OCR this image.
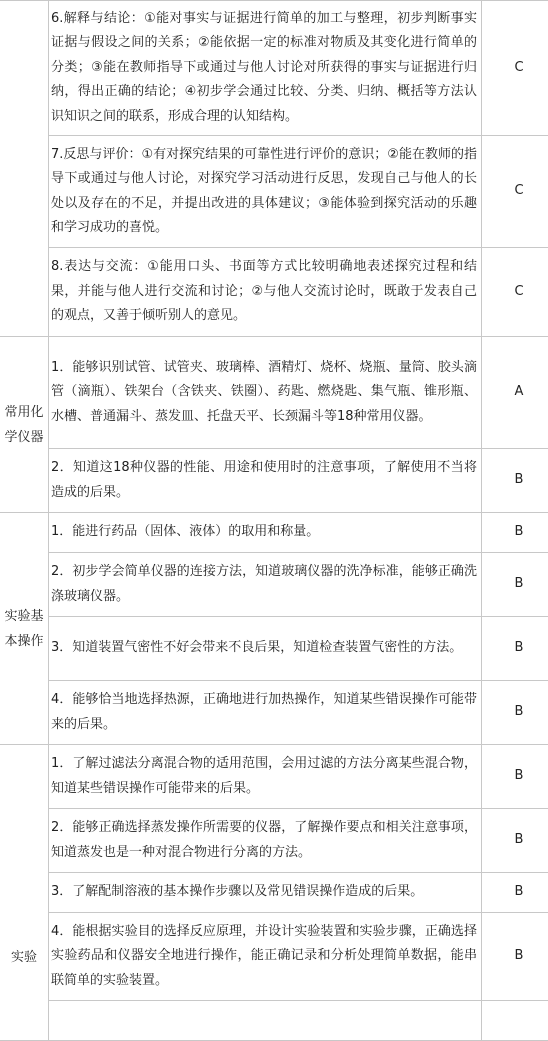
	6.解释与结论：①能对事实与证据进行简单的加工与整理，初步判断事实证据与假设之间的关系；②能依据一定的标准对物质及其变化进行简单的分类；③能在教师指导下或通过与他人讨论对所获得的事实与证据进行归纳，得出正确的结论；④初步学会通过比较、分类、归纳、概括等方法认识知识之间的联系，形成合理的认知结构。	C
	7.反思与评价：①有对探究结果的可靠性进行评价的意识；②能在教师的指导下或通过与他人讨论，对探究学习活动进行反思，发现自己与他人的长处以及存在的不足，并提出改进的具体建议；③能体验到探究活动的乐趣和学习成功的喜悦。	C
	8.表达与交流：①能用口头、书面等方式比较明确地表述探究过程和结果，并能与他人进行交流和讨论；②与他人交流讨论时，既敢于发表自己的观点，又善于倾听别人的意见。	C
常用化学仪器	1．能够识别试管、试管夹、玻璃棒、酒精灯、烧杯、烧瓶、量筒、胶头滴管（滴瓶）、铁架台（含铁夹、铁圈）、药匙、燃烧匙、集气瓶、锥形瓶、水槽、普通漏斗、蒸发皿、托盘天平、长颈漏斗等18种常用仪器。	A
	2．知道这18种仪器的性能、用途和使用时的注意事项，了解使用不当将造成的后果。	B
实验基本操作	1．能进行药品（固体、液体）的取用和称量。	B
	2．初步学会简单仪器的连接方法，知道玻璃仪器的洗净标准，能够正确洗涤玻璃仪器。	B
	3．知道装置气密性不好会带来不良后果，知道检查装置气密性的方法。	B
	4．能够恰当地选择热源，正确地进行加热操作，知道某些错误操作可能带来的后果。	B
实验	1．了解过滤法分离混合物的适用范围，会用过滤的方法分离某些混合物，知道某些错误操作可能带来的后果。	B
	2．能够正确选择蒸发操作所需要的仪器，了解操作要点和相关注意事项，知道蒸发也是一种对混合物进行分离的方法。	B
	3．了解配制溶液的基本操作步骤以及常见错误操作造成的后果。	B
	4．能根据实验目的选择反应原理，并设计实验装置和实验步骤，正确选择实验药品和仪器安全地进行操作，能正确记录和分析处理简单数据，能串联简单的实验装置。	B
